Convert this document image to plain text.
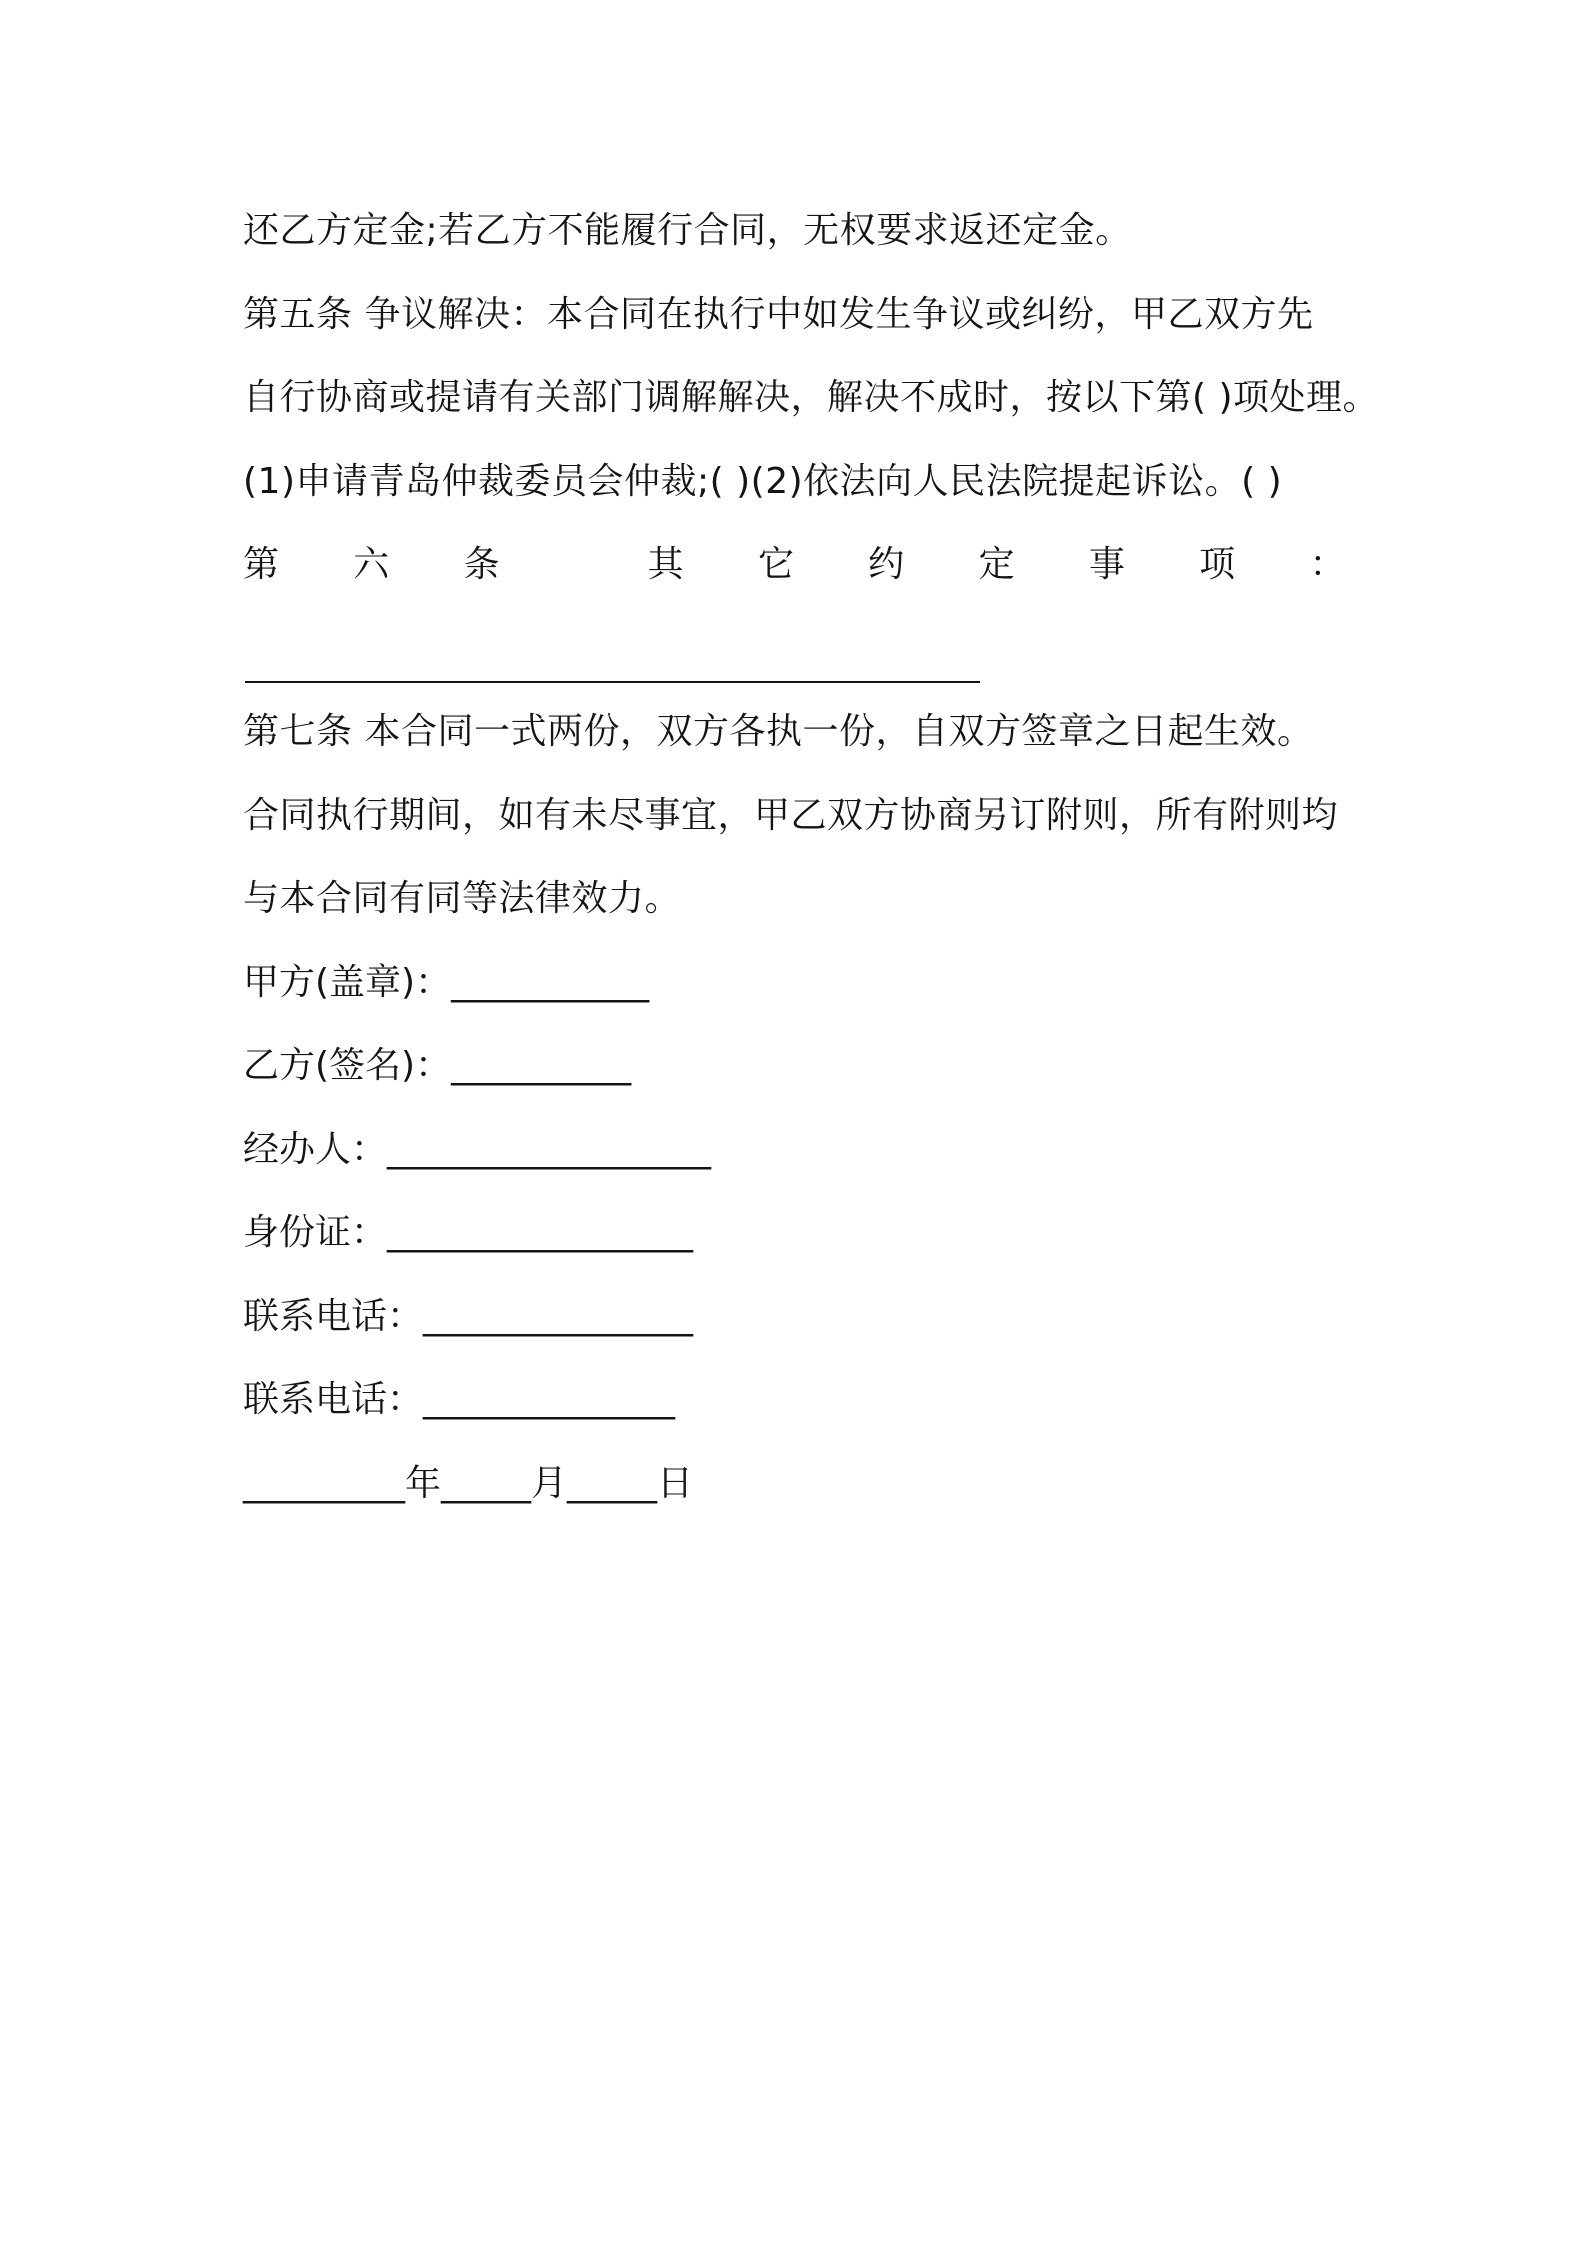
还乙方定金;若乙方不能履行合同，无权要求返还定金。
第五条 争议解决：本合同在执行中如发生争议或纠纷，甲乙双方先
自行协商或提请有关部门调解解决，解决不成时，按以下第( )项处理。
(1)申请青岛仲裁委员会仲裁;( )(2)依法向人民法院提起诉讼。( )
第 六 条	其 它 约 定 事 项 ：
第七条 本合同一式两份，双方各执一份，自双方签章之日起生效。
合同执行期间，如有未尽事宜，甲乙双方协商另订附则，所有附则均
与本合同有同等法律效力。
甲方(盖章)：___________
乙方(签名)：__________
经办人：__________________
身份证：_________________
联系电话：_______________
联系电话：______________
_________年_____月_____日
